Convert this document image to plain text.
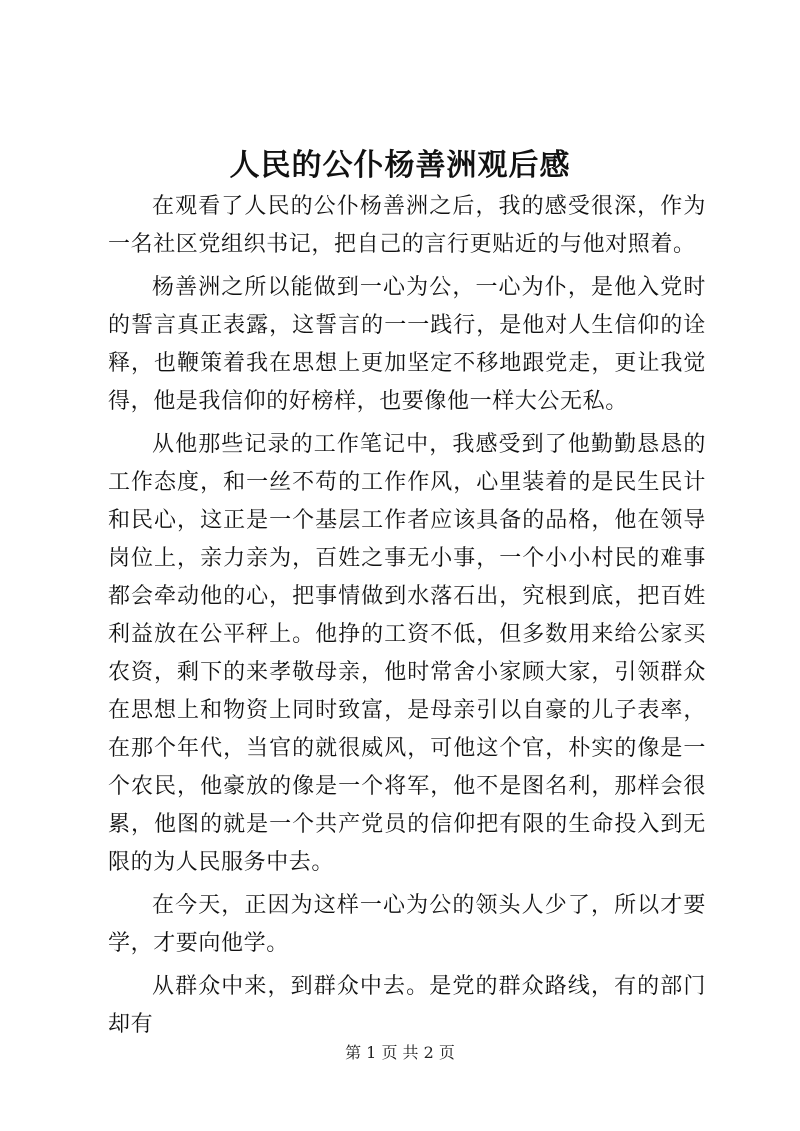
人民的公仆杨善洲观后感

在观看了人民的公仆杨善洲之后，我的感受很深，作为一名社区党组织书记，把自己的言行更贴近的与他对照着。

杨善洲之所以能做到一心为公，一心为仆，是他入党时的誓言真正表露，这誓言的一一践行，是他对人生信仰的诠释，也鞭策着我在思想上更加坚定不移地跟党走，更让我觉得，他是我信仰的好榜样，也要像他一样大公无私。

从他那些记录的工作笔记中，我感受到了他勤勤恳恳的工作态度，和一丝不苟的工作作风，心里装着的是民生民计和民心，这正是一个基层工作者应该具备的品格，他在领导岗位上，亲力亲为，百姓之事无小事，一个小小村民的难事都会牵动他的心，把事情做到水落石出，究根到底，把百姓利益放在公平秤上。他挣的工资不低，但多数用来给公家买农资，剩下的来孝敬母亲，他时常舍小家顾大家，引领群众在思想上和物资上同时致富，是母亲引以自豪的儿子表率，在那个年代，当官的就很威风，可他这个官，朴实的像是一个农民，他豪放的像是一个将军，他不是图名利，那样会很累，他图的就是一个共产党员的信仰把有限的生命投入到无限的为人民服务中去。

在今天，正因为这样一心为公的领头人少了，所以才要学，才要向他学。

从群众中来，到群众中去。是党的群众路线，有的部门却有

第 1 页 共 2 页
